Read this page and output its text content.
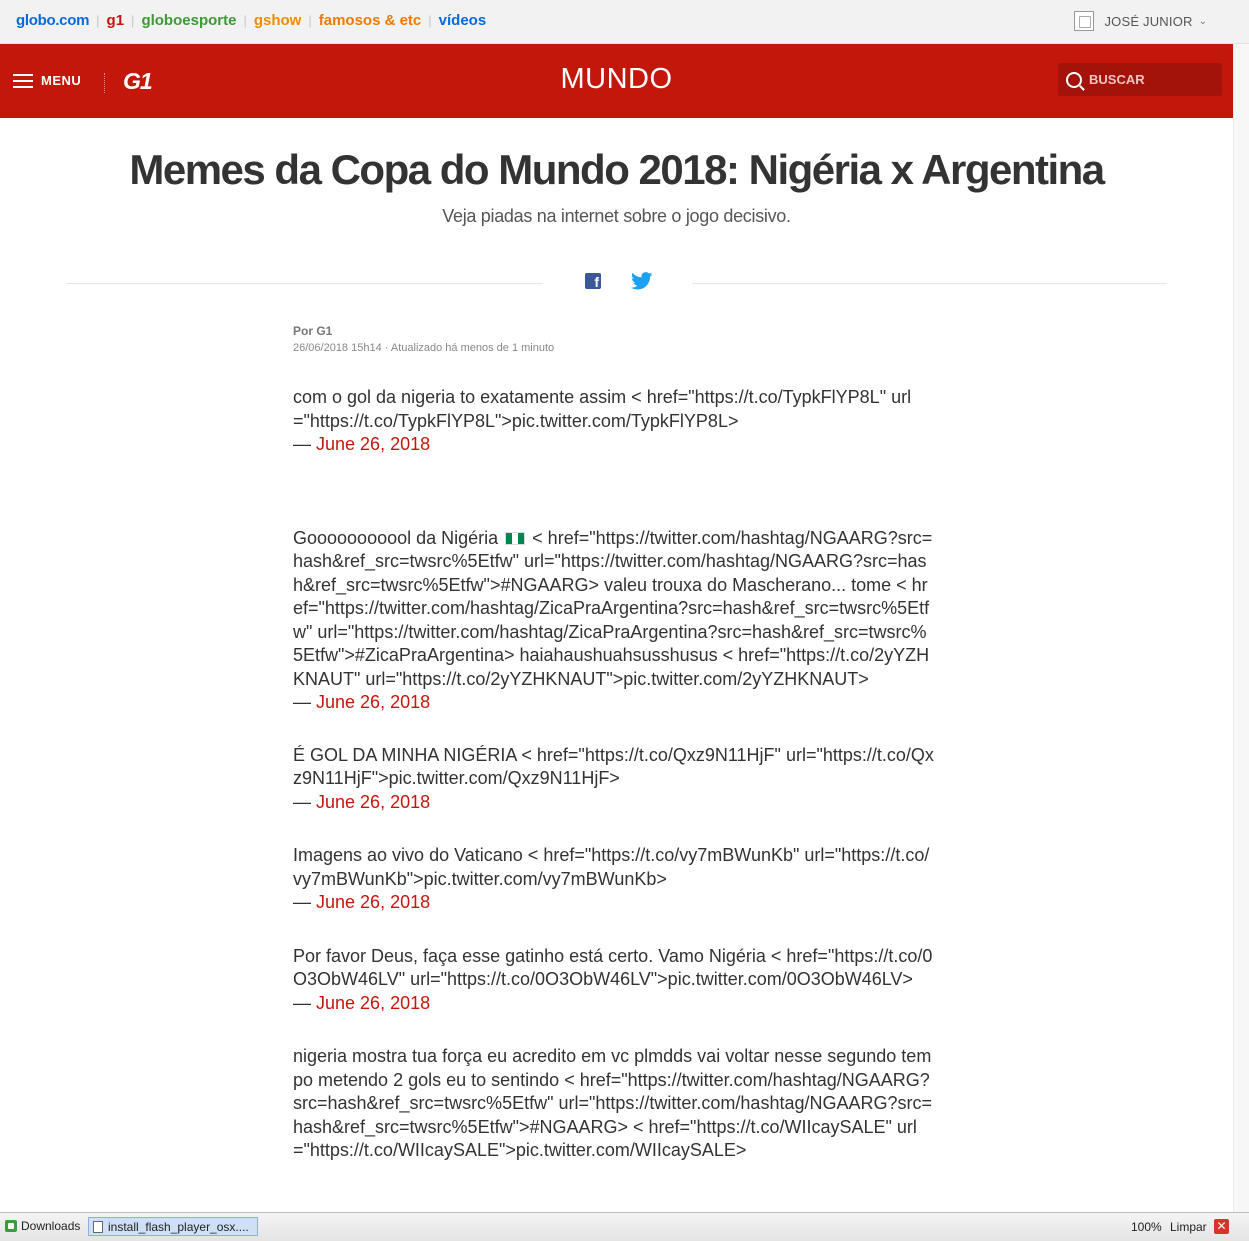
globo.com | g1 | globoesporte | gshow | famosos & etc | vídeos	JOSÉ JUNIOR ⌄
MENU G1	MUNDO
BUSCAR
Memes da Copa do Mundo 2018: Nigéria x Argentina
Veja piadas na internet sobre o jogo decisivo.
f
Por G1
26/06/2018 15h14 · Atualizado há menos de 1 minuto

com o gol da nigeria to exatamente assim < href="https://t.co/TypkFlYP8L" url="https://t.co/TypkFlYP8L">pic.twitter.com/TypkFlYP8L>
— June 26, 2018

Gooooooooool da Nigéria  < href="https://twitter.com/hashtag/NGAARG?src=hash&ref_src=twsrc%5Etfw" url="https://twitter.com/hashtag/NGAARG?src=hash&ref_src=twsrc%5Etfw">#NGAARG> valeu trouxa do Mascherano... tome < href="https://twitter.com/hashtag/ZicaPraArgentina?src=hash&ref_src=twsrc%5Etfw" url="https://twitter.com/hashtag/ZicaPraArgentina?src=hash&ref_src=twsrc%5Etfw">#ZicaPraArgentina> haiahaushuahsusshusus < href="https://t.co/2yYZHKNAUT" url="https://t.co/2yYZHKNAUT">pic.twitter.com/2yYZHKNAUT>
— June 26, 2018

É GOL DA MINHA NIGÉRIA < href="https://t.co/Qxz9N11HjF" url="https://t.co/Qxz9N11HjF">pic.twitter.com/Qxz9N11HjF>
— June 26, 2018

Imagens ao vivo do Vaticano < href="https://t.co/vy7mBWunKb" url="https://t.co/vy7mBWunKb">pic.twitter.com/vy7mBWunKb>
— June 26, 2018

Por favor Deus, faça esse gatinho está certo. Vamo Nigéria < href="https://t.co/0O3ObW46LV" url="https://t.co/0O3ObW46LV">pic.twitter.com/0O3ObW46LV>
— June 26, 2018

nigeria mostra tua força eu acredito em vc plmdds vai voltar nesse segundo tempo metendo 2 gols eu to sentindo < href="https://twitter.com/hashtag/NGAARG?src=hash&ref_src=twsrc%5Etfw" url="https://twitter.com/hashtag/NGAARG?src=hash&ref_src=twsrc%5Etfw">#NGAARG> < href="https://t.co/WIIcaySALE" url="https://t.co/WIIcaySALE">pic.twitter.com/WIIcaySALE>

Downloads install_flash_player_osx....	100% Limpar ✕
